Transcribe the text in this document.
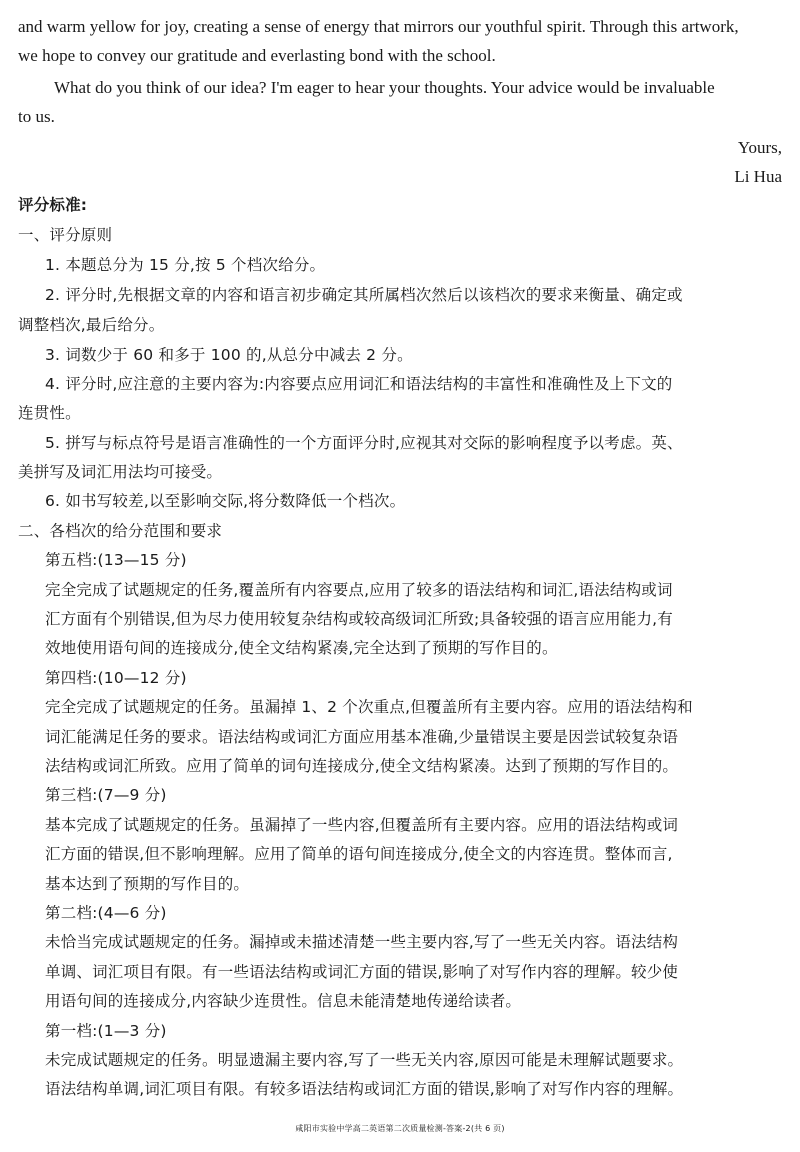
and warm yellow for joy, creating a sense of energy that mirrors our youthful spirit. Through this artwork,
we hope to convey our gratitude and everlasting bond with the school.
What do you think of our idea? I'm eager to hear your thoughts. Your advice would be invaluable
to us.
Yours,
Li Hua
评分标准:
一、评分原则
1. 本题总分为 15 分,按 5 个档次给分。
2. 评分时,先根据文章的内容和语言初步确定其所属档次然后以该档次的要求来衡量、确定或
调整档次,最后给分。
3. 词数少于 60 和多于 100 的,从总分中减去 2 分。
4. 评分时,应注意的主要内容为:内容要点应用词汇和语法结构的丰富性和准确性及上下文的
连贯性。
5. 拼写与标点符号是语言准确性的一个方面评分时,应视其对交际的影响程度予以考虑。英、
美拼写及词汇用法均可接受。
6. 如书写较差,以至影响交际,将分数降低一个档次。
二、各档次的给分范围和要求
第五档:(13—15 分)
完全完成了试题规定的任务,覆盖所有内容要点,应用了较多的语法结构和词汇,语法结构或词
汇方面有个别错误,但为尽力使用较复杂结构或较高级词汇所致;具备较强的语言应用能力,有
效地使用语句间的连接成分,使全文结构紧凑,完全达到了预期的写作目的。
第四档:(10—12 分)
完全完成了试题规定的任务。虽漏掉 1、2 个次重点,但覆盖所有主要内容。应用的语法结构和
词汇能满足任务的要求。语法结构或词汇方面应用基本准确,少量错误主要是因尝试较复杂语
法结构或词汇所致。应用了简单的词句连接成分,使全文结构紧凑。达到了预期的写作目的。
第三档:(7—9 分)
基本完成了试题规定的任务。虽漏掉了一些内容,但覆盖所有主要内容。应用的语法结构或词
汇方面的错误,但不影响理解。应用了简单的语句间连接成分,使全文的内容连贯。整体而言,
基本达到了预期的写作目的。
第二档:(4—6 分)
未恰当完成试题规定的任务。漏掉或未描述清楚一些主要内容,写了一些无关内容。语法结构
单调、词汇项目有限。有一些语法结构或词汇方面的错误,影响了对写作内容的理解。较少使
用语句间的连接成分,内容缺少连贯性。信息未能清楚地传递给读者。
第一档:(1—3 分)
未完成试题规定的任务。明显遗漏主要内容,写了一些无关内容,原因可能是未理解试题要求。
语法结构单调,词汇项目有限。有较多语法结构或词汇方面的错误,影响了对写作内容的理解。
咸阳市实验中学高二英语第二次质量检测-答案-2(共 6 页)
